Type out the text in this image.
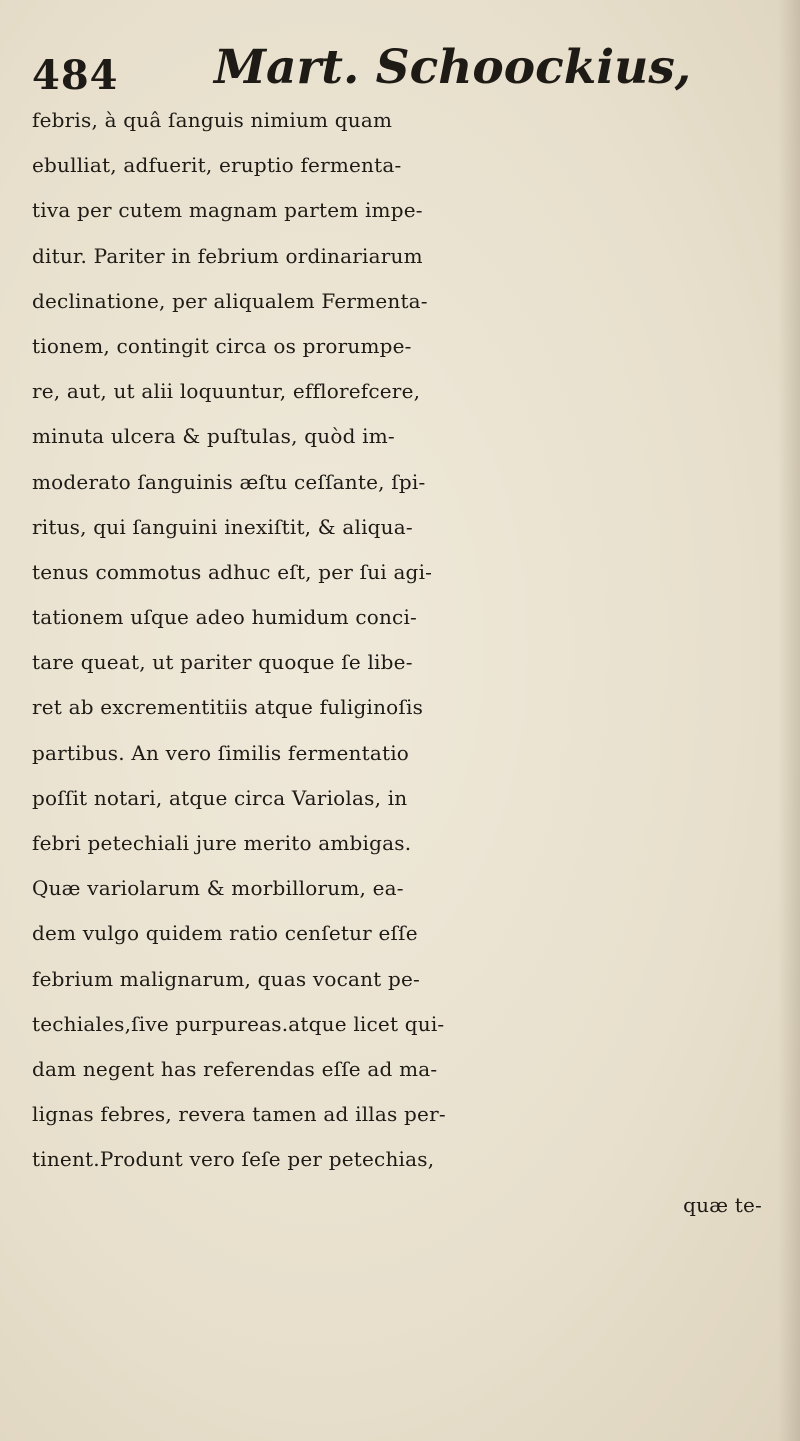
484 Mart. Schoockius,
febris, à quâ ſanguis nimium quam
ebulliat, adfuerit, eruptio fermenta-
tiva per cutem magnam partem impe-
ditur. Pariter in febrium ordinariarum
declinatione, per aliqualem Fermenta-
tionem, contingit circa os prorumpe-
re, aut, ut alii loquuntur, efflorefcere,
minuta ulcera & puſtulas, quòd im-
moderato ſanguinis æſtu ceſſante, ſpi-
ritus, qui ſanguini inexiſtit, & aliqua-
tenus commotus adhuc eſt, per ſui agi-
tationem uſque adeo humidum conci-
tare queat, ut pariter quoque ſe libe-
ret ab excrementitiis atque fuliginoſis
partibus. An vero ſimilis fermentatio
poſſit notari, atque circa Variolas, in
febri petechiali jure merito ambigas.
Quæ variolarum & morbillorum, ea-
dem vulgo quidem ratio cenſetur eſſe
febrium malignarum, quas vocant pe-
techiales,ſive purpureas.atque licet qui-
dam negent has referendas eſſe ad ma-
lignas febres, revera tamen ad illas per-
tinent.Produnt vero ſeſe per petechias,
quæ te-
